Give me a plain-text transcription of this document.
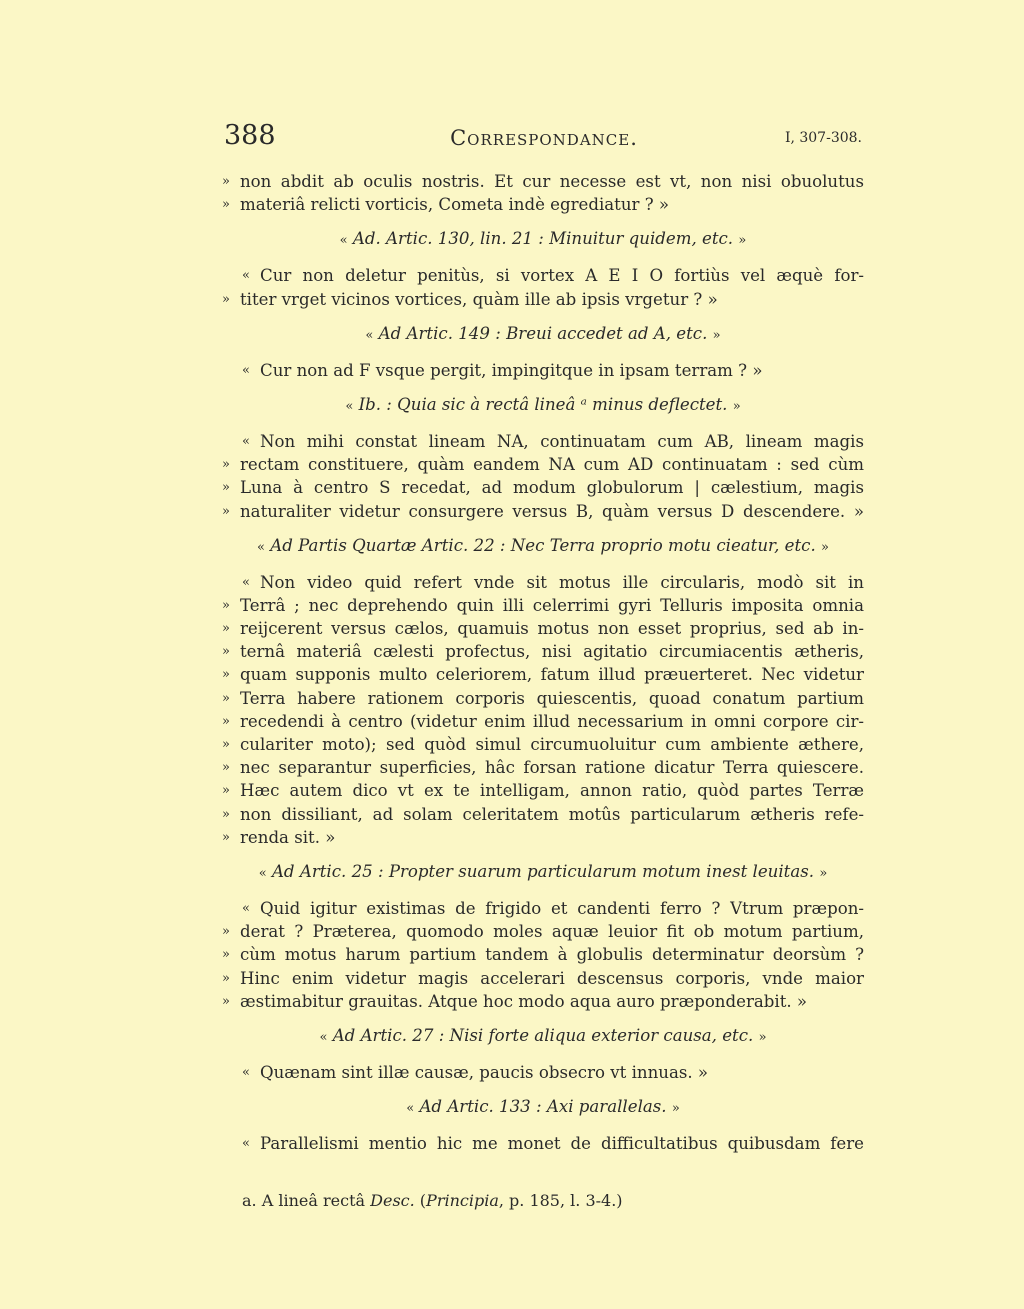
388	Correspondance.	I, 307-308.
» non abdit ab oculis nostris. Et cur necesse est vt, non nisi obuolutus
» materiâ relicti vorticis, Cometa indè egrediatur ? »
« Ad. Artic. 130, lin. 21 : Minuitur quidem, etc. »
« Cur non deletur penitùs, si vortex A E I O fortiùs vel æquè for-
» titer vrget vicinos vortices, quàm ille ab ipsis vrgetur ? »
« Ad Artic. 149 : Breui accedet ad A, etc. »
« Cur non ad F vsque pergit, impingitque in ipsam terram ? »
« Ib. : Quia sic à rectâ lineâ ᵃ minus deflectet. »
« Non mihi constat lineam NA, continuatam cum AB, lineam magis
» rectam constituere, quàm eandem NA cum AD continuatam : sed cùm
» Luna à centro S recedat, ad modum globulorum | cælestium, magis
» naturaliter videtur consurgere versus B, quàm versus D descendere. »
« Ad Partis Quartæ Artic. 22 : Nec Terra proprio motu cieatur, etc. »
« Non video quid refert vnde sit motus ille circularis, modò sit in
» Terrâ ; nec deprehendo quin illi celerrimi gyri Telluris imposita omnia
» reijcerent versus cælos, quamuis motus non esset proprius, sed ab in-
» ternâ materiâ cælesti profectus, nisi agitatio circumiacentis ætheris,
» quam supponis multo celeriorem, fatum illud præuerteret. Nec videtur
» Terra habere rationem corporis quiescentis, quoad conatum partium
» recedendi à centro (videtur enim illud necessarium in omni corpore cir-
» culariter moto); sed quòd simul circumuoluitur cum ambiente æthere,
» nec separantur superficies, hâc forsan ratione dicatur Terra quiescere.
» Hæc autem dico vt ex te intelligam, annon ratio, quòd partes Terræ
» non dissiliant, ad solam celeritatem motûs particularum ætheris refe-
» renda sit. »
« Ad Artic. 25 : Propter suarum particularum motum inest leuitas. »
« Quid igitur existimas de frigido et candenti ferro ? Vtrum præpon-
» derat ? Præterea, quomodo moles aquæ leuior fit ob motum partium,
» cùm motus harum partium tandem à globulis determinatur deorsùm ?
» Hinc enim videtur magis accelerari descensus corporis, vnde maior
» æstimabitur grauitas. Atque hoc modo aqua auro præponderabit. »
« Ad Artic. 27 : Nisi forte aliqua exterior causa, etc. »
« Quænam sint illæ causæ, paucis obsecro vt innuas. »
« Ad Artic. 133 : Axi parallelas. »
« Parallelismi mentio hic me monet de difficultatibus quibusdam fere
a. A lineâ rectâ Desc. (Principia, p. 185, l. 3-4.)
